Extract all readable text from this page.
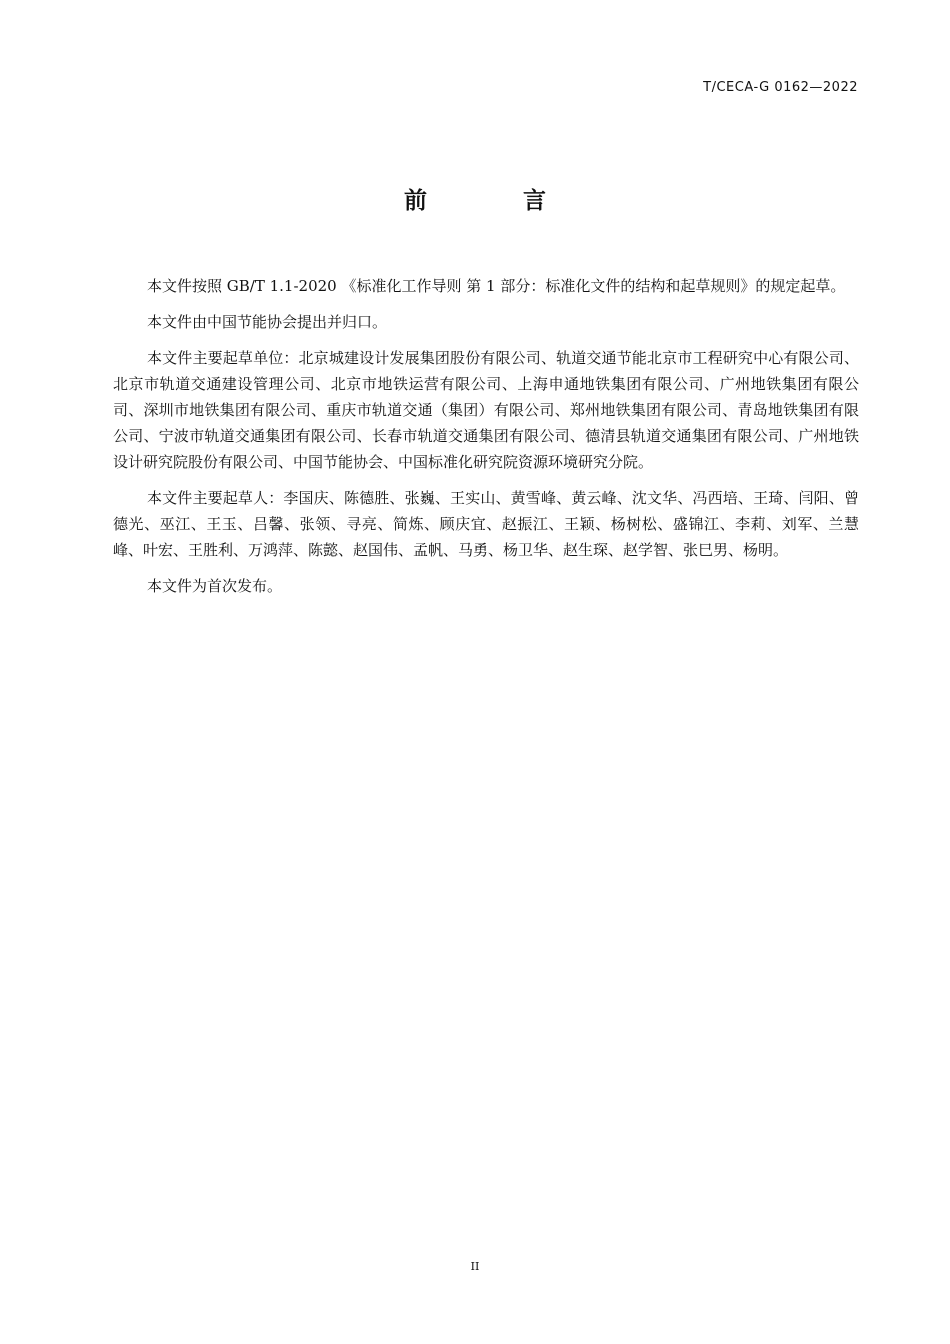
T/CECA-G 0162—2022
前 言

本文件按照 GB/T 1.1-2020 《标准化工作导则 第 1 部分：标准化文件的结构和起草规则》的规定起草。

本文件由中国节能协会提出并归口。

本文件主要起草单位：北京城建设计发展集团股份有限公司、轨道交通节能北京市工程研究中心有限公司、北京市轨道交通建设管理公司、北京市地铁运营有限公司、上海申通地铁集团有限公司、广州地铁集团有限公司、深圳市地铁集团有限公司、重庆市轨道交通（集团）有限公司、郑州地铁集团有限公司、青岛地铁集团有限公司、宁波市轨道交通集团有限公司、长春市轨道交通集团有限公司、德清县轨道交通集团有限公司、广州地铁设计研究院股份有限公司、中国节能协会、中国标准化研究院资源环境研究分院。

本文件主要起草人：李国庆、陈德胜、张巍、王实山、黄雪峰、黄云峰、沈文华、冯西培、王琦、闫阳、曾德光、巫江、王玉、吕馨、张领、寻亮、简炼、顾庆宜、赵振江、王颖、杨树松、盛锦江、李莉、刘军、兰慧峰、叶宏、王胜利、万鸿萍、陈懿、赵国伟、孟帆、马勇、杨卫华、赵生琛、赵学智、张巳男、杨明。

本文件为首次发布。

II
